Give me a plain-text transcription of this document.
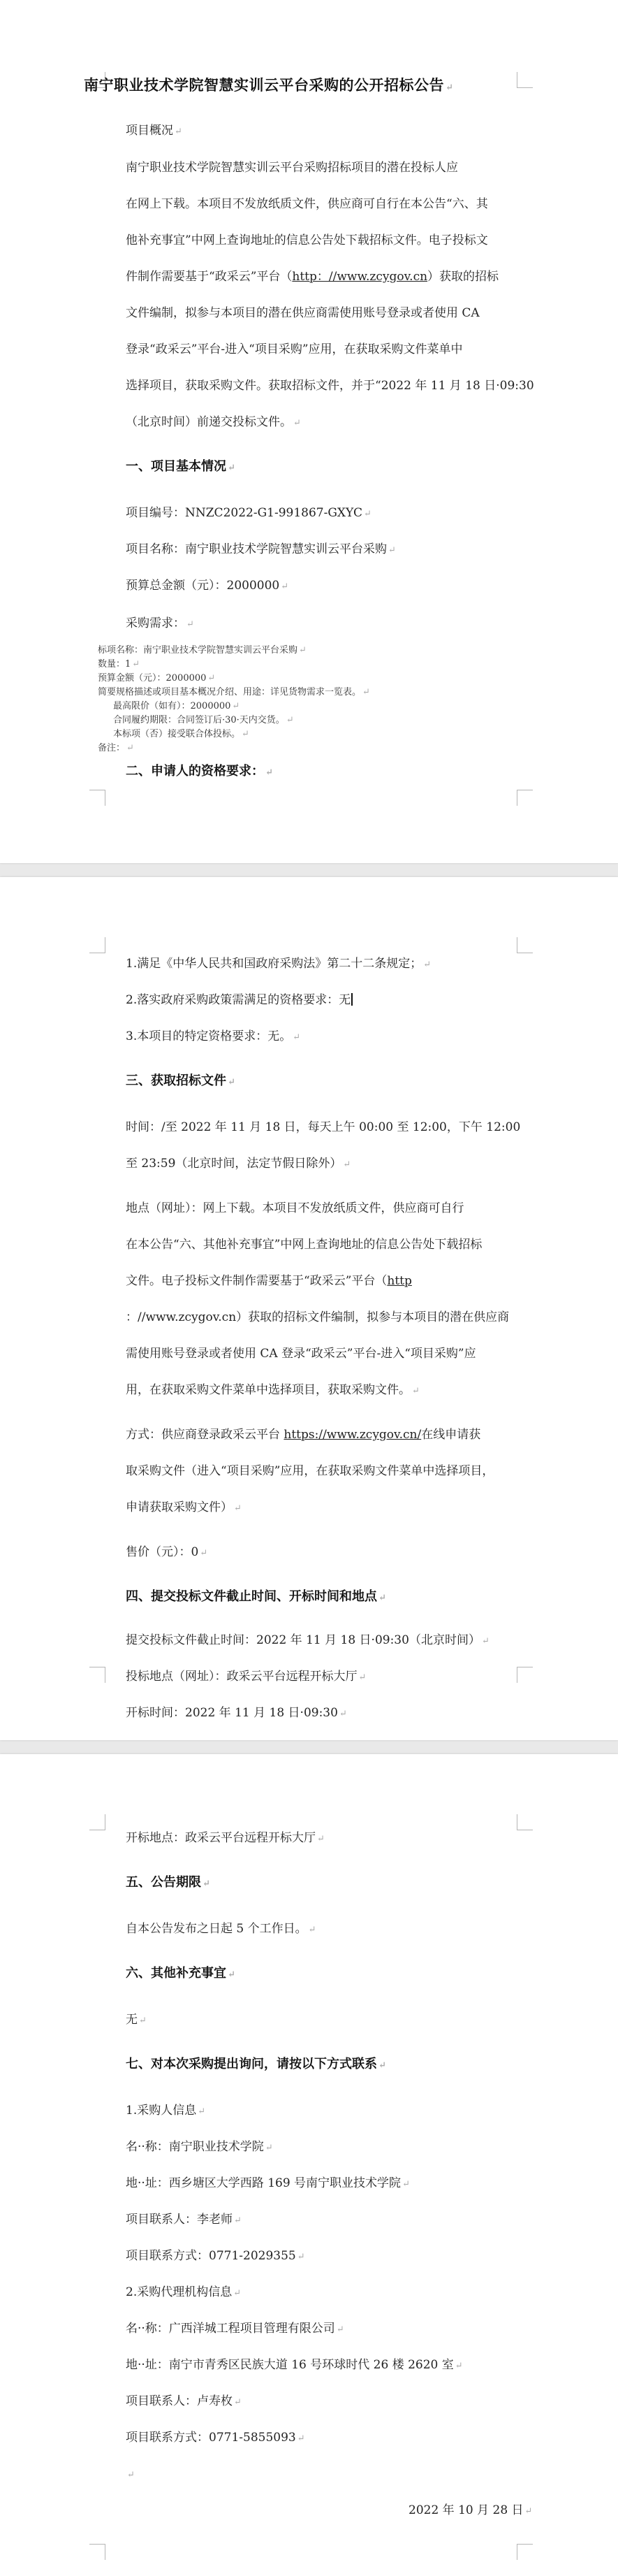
南宁职业技术学院智慧实训云平台采购的公开招标公告 ↵
项目概况 ↵
南宁职业技术学院智慧实训云平台采购招标项目的潜在投标人应
在网上下载。本项目不发放纸质文件，供应商可自行在本公告“六、其
他补充事宜”中网上查询地址的信息公告处下载招标文件。电子投标文
件制作需要基于“政采云”平台（http：//www.zcygov.cn）获取的招标
文件编制，拟参与本项目的潜在供应商需使用账号登录或者使用 CA
登录“政采云”平台-进入“项目采购”应用，在获取采购文件菜单中
选择项目，获取采购文件。获取招标文件，并于“2022 年 11 月 18 日·09:30
（北京时间）前递交投标文件。 ↵
一、项目基本情况 ↵
项目编号：NNZC2022-G1-991867-GXYC ↵
项目名称：南宁职业技术学院智慧实训云平台采购 ↵
预算总金额（元）：2000000 ↵
采购需求： ↵
标项名称：南宁职业技术学院智慧实训云平台采购 ↵
数量：1 ↵
预算金额（元）：2000000 ↵
简要规格描述或项目基本概况介绍、用途：详见货物需求一览表。 ↵
最高限价（如有）：2000000 ↵
合同履约期限：合同签订后·30·天内交货。 ↵
本标项（否）接受联合体投标。 ↵
备注： ↵
二、申请人的资格要求： ↵
1.满足《中华人民共和国政府采购法》第二十二条规定； ↵
2.落实政府采购政策需满足的资格要求：无
3.本项目的特定资格要求：无。 ↵
三、获取招标文件 ↵
时间：/至 2022 年 11 月 18 日，每天上午 00:00 至 12:00，下午 12:00
至 23:59（北京时间，法定节假日除外） ↵
地点（网址）：网上下载。本项目不发放纸质文件，供应商可自行
在本公告“六、其他补充事宜”中网上查询地址的信息公告处下载招标
文件。电子投标文件制作需要基于“政采云”平台（http
：//www.zcygov.cn）获取的招标文件编制，拟参与本项目的潜在供应商
需使用账号登录或者使用 CA 登录“政采云”平台-进入“项目采购”应
用，在获取采购文件菜单中选择项目，获取采购文件。 ↵
方式：供应商登录政采云平台 https://www.zcygov.cn/在线申请获
取采购文件（进入“项目采购”应用，在获取采购文件菜单中选择项目，
申请获取采购文件） ↵
售价（元）：0 ↵
四、提交投标文件截止时间、开标时间和地点 ↵
提交投标文件截止时间：2022 年 11 月 18 日·09:30（北京时间） ↵
投标地点（网址）：政采云平台远程开标大厅 ↵
开标时间：2022 年 11 月 18 日·09:30 ↵
开标地点：政采云平台远程开标大厅 ↵
五、公告期限 ↵
自本公告发布之日起 5 个工作日。 ↵
六、其他补充事宜 ↵
无 ↵
七、对本次采购提出询问，请按以下方式联系 ↵
1.采购人信息 ↵
名··称：南宁职业技术学院 ↵
地··址：西乡塘区大学西路 169 号南宁职业技术学院 ↵
项目联系人：李老师 ↵
项目联系方式：0771-2029355 ↵
2.采购代理机构信息 ↵
名··称：广西洋城工程项目管理有限公司 ↵
地··址：南宁市青秀区民族大道 16 号环球时代 26 楼 2620 室 ↵
项目联系人：卢寿枚 ↵
项目联系方式：0771-5855093 ↵
↵
2022 年 10 月 28 日 ↵
